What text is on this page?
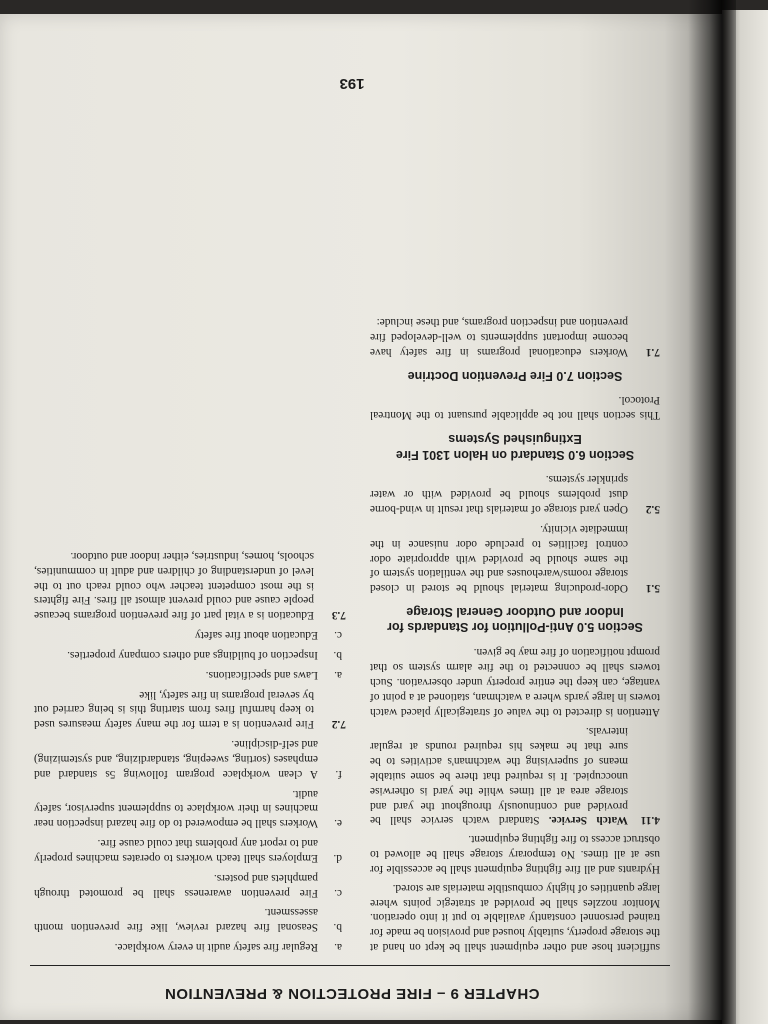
CHAPTER 9 – FIRE PROTECTION & PREVENTION

sufficient hose and other equipment shall be kept on hand at the storage property, suitably housed and provision be made for trained personnel constantly available to put it into operation. Monitor nozzles shall be provided at strategic points where large quantities of highly combustible materials are stored.

Hydrants and all fire fighting equipment shall be accessible for use at all times. No temporary storage shall be allowed to obstruct access to fire fighting equipment.

4.11
Watch Service. Standard watch service shall be provided and continuously throughout the yard and storage area at all times while the yard is otherwise unoccupied. It is required that there be some suitable means of supervising the watchman's activities to be sure that he makes his required rounds at regular intervals.

Attention is directed to the value of strategically placed watch towers in large yards where a watchman, stationed at a point of vantage, can keep the entire property under observation. Such towers shall be connected to the fire alarm system so that prompt notification of fire may be given.

Section 5.0 Anti-Pollution for Standards for Indoor and Outdoor General Storage
5.1
Odor-producing material should be stored in closed storage rooms/warehouses and the ventilation system of the same should be provided with appropriate odor control facilities to preclude odor nuisance in the immediate vicinity.
5.2
Open yard storage of materials that result in wind-borne dust problems should be provided with or water sprinkler systems.
Section 6.0 Standard on Halon 1301 Fire Extinguished Systems

This section shall not be applicable pursuant to the Montreal Protocol.

Section 7.0 Fire Prevention Doctrine
7.1
Workers educational programs in fire safety have become important supplements to well-developed fire prevention and inspection programs, and these include:
a.
Regular fire safety audit in every workplace.
b.
Seasonal fire hazard review, like fire prevention month assessment.
c.
Fire prevention awareness shall be promoted through pamphlets and posters.
d.
Employers shall teach workers to operates machines properly and to report any problems that could cause fire.
e.
Workers shall be empowered to do fire hazard inspection near machines in their workplace to supplement supervisor, safety audit.
f.
A clean workplace program following 5s standard and emphases (sorting, sweeping, standardizing, and systemizing) and self-discipline.
7.2
Fire prevention is a term for the many safety measures used to keep harmful fires from starting this is being carried out by several programs in fire safety, like
a.
Laws and specifications.
b.
Inspection of buildings and others company properties.
c.
Education about fire safety
7.3
Education is a vital part of fire prevention programs because people cause and could prevent almost all fires. Fire fighters is the most competent teacher who could reach out to the level of understanding of children and adult in communities, schools, homes, industries, either indoor and outdoor.
193
